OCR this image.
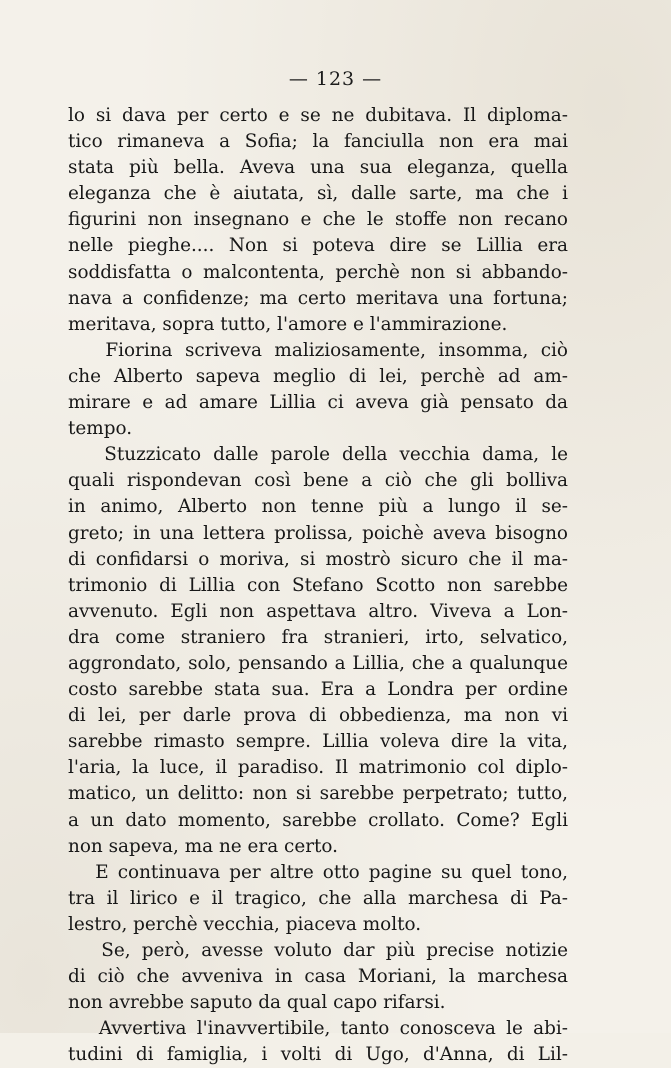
— 123 —
lo si dava per certo e se ne dubitava. Il diploma-
tico rimaneva a Sofia; la fanciulla non era mai
stata più bella. Aveva una sua eleganza, quella
eleganza che è aiutata, sì, dalle sarte, ma che i
figurini non insegnano e che le stoffe non recano
nelle pieghe.... Non si poteva dire se Lillia era
soddisfatta o malcontenta, perchè non si abbando-
nava a confidenze; ma certo meritava una fortuna;
meritava, sopra tutto, l'amore e l'ammirazione.
Fiorina scriveva maliziosamente, insomma, ciò
che Alberto sapeva meglio di lei, perchè ad am-
mirare e ad amare Lillia ci aveva già pensato da
tempo.
Stuzzicato dalle parole della vecchia dama, le
quali rispondevan così bene a ciò che gli bolliva
in animo, Alberto non tenne più a lungo il se-
greto; in una lettera prolissa, poichè aveva bisogno
di confidarsi o moriva, si mostrò sicuro che il ma-
trimonio di Lillia con Stefano Scotto non sarebbe
avvenuto. Egli non aspettava altro. Viveva a Lon-
dra come straniero fra stranieri, irto, selvatico,
aggrondato, solo, pensando a Lillia, che a qualunque
costo sarebbe stata sua. Era a Londra per ordine
di lei, per darle prova di obbedienza, ma non vi
sarebbe rimasto sempre. Lillia voleva dire la vita,
l'aria, la luce, il paradiso. Il matrimonio col diplo-
matico, un delitto: non si sarebbe perpetrato; tutto,
a un dato momento, sarebbe crollato. Come? Egli
non sapeva, ma ne era certo.
E continuava per altre otto pagine su quel tono,
tra il lirico e il tragico, che alla marchesa di Pa-
lestro, perchè vecchia, piaceva molto.
Se, però, avesse voluto dar più precise notizie
di ciò che avveniva in casa Moriani, la marchesa
non avrebbe saputo da qual capo rifarsi.
Avvertiva l'inavvertibile, tanto conosceva le abi-
tudini di famiglia, i volti di Ugo, d'Anna, di Lil-
